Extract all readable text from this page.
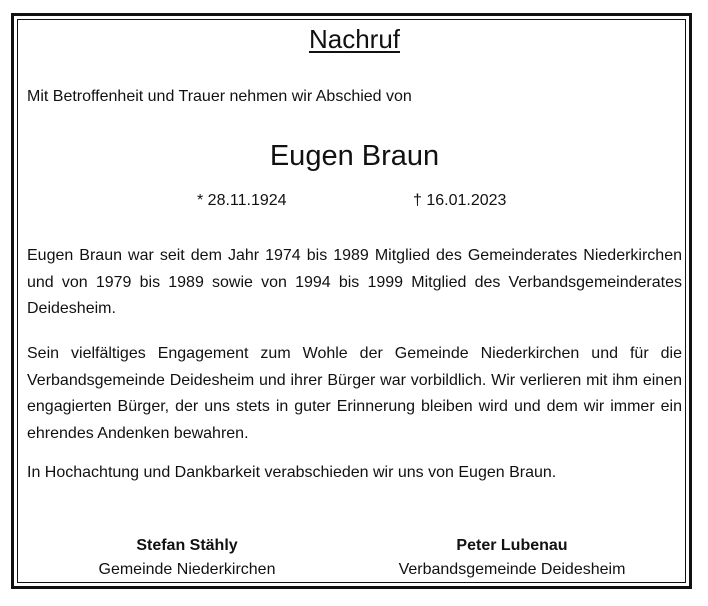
Nachruf
Mit Betroffenheit und Trauer nehmen wir Abschied von
Eugen Braun
* 28.11.1924	† 16.01.2023
Eugen Braun war seit dem Jahr 1974 bis 1989 Mitglied des Gemeinderates Niederkirchen und von 1979 bis 1989 sowie von 1994 bis 1999 Mitglied des Verbandsgemeinderates Deidesheim.
Sein vielfältiges Engagement zum Wohle der Gemeinde Niederkirchen und für die Verbandsgemeinde Deidesheim und ihrer Bürger war vorbildlich. Wir verlieren mit ihm einen engagierten Bürger, der uns stets in guter Erinnerung bleiben wird und dem wir immer ein ehrendes Andenken bewahren.
In Hochachtung und Dankbarkeit verabschieden wir uns von Eugen Braun.
Stefan Stähly
Gemeinde Niederkirchen
Peter Lubenau
Verbandsgemeinde Deidesheim
